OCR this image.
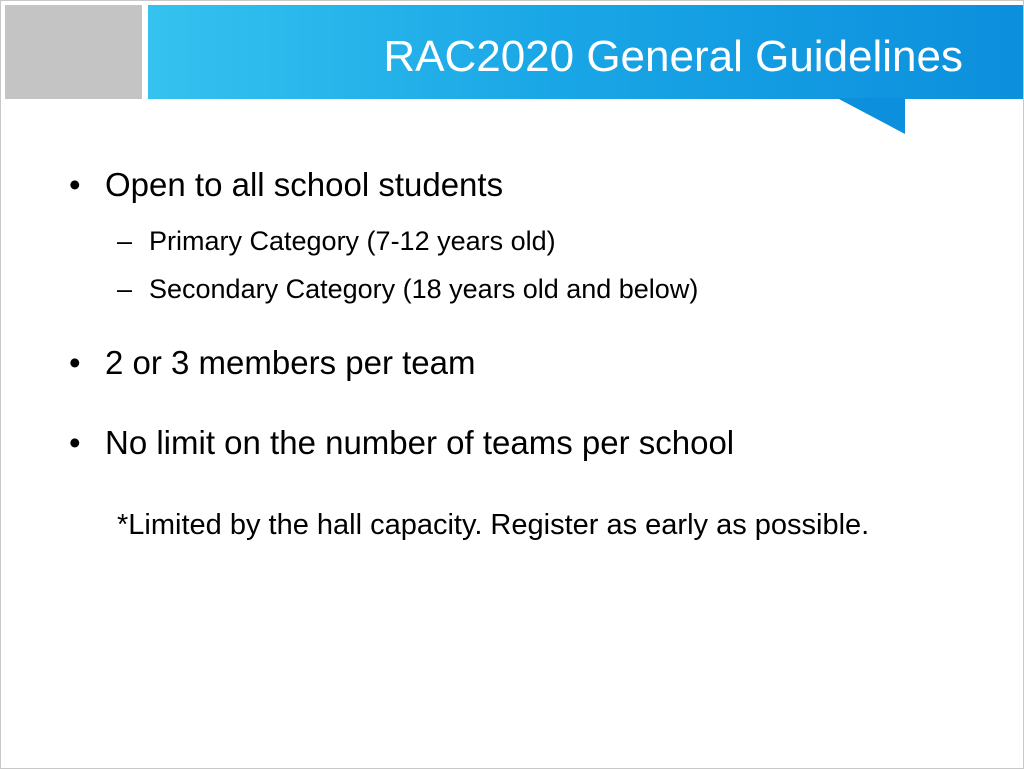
RAC2020 General Guidelines
• Open to all school students
– Primary Category (7-12 years old)
– Secondary Category (18 years old and below)
• 2 or 3 members per team
• No limit on the number of teams per school
*Limited by the hall capacity. Register as early as possible.
